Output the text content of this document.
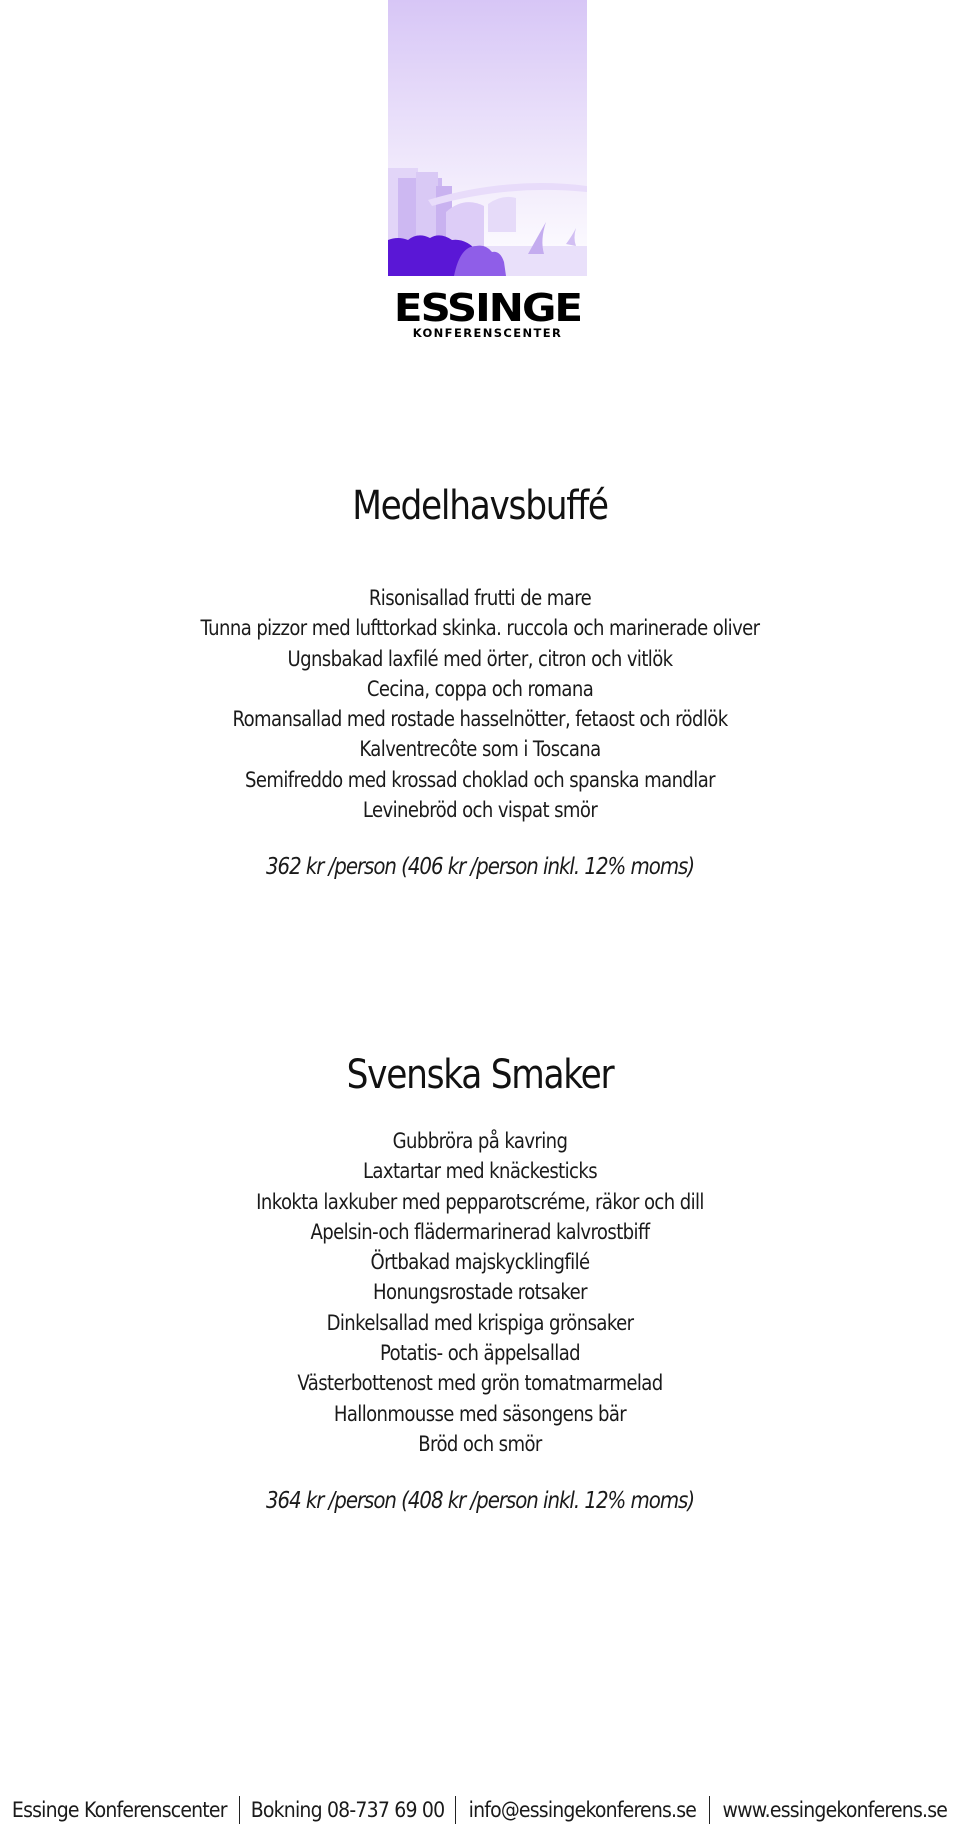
ESSINGE
KONFERENSCENTER
Medelhavsbuffé
Risonisallad frutti de mare
Tunna pizzor med lufttorkad skinka. ruccola och marinerade oliver
Ugnsbakad laxfilé med örter, citron och vitlök
Cecina, coppa och romana
Romansallad med rostade hasselnötter, fetaost och rödlök
Kalventrecôte som i Toscana
Semifreddo med krossad choklad och spanska mandlar
Levinebröd och vispat smör
362 kr /person (406 kr /person inkl. 12% moms)
Svenska Smaker
Gubbröra på kavring
Laxtartar med knäckesticks
Inkokta laxkuber med pepparotscréme, räkor och dill
Apelsin-och flädermarinerad kalvrostbiff
Örtbakad majskycklingfilé
Honungsrostade rotsaker
Dinkelsallad med krispiga grönsaker
Potatis- och äppelsallad
Västerbottenost med grön tomatmarmelad
Hallonmousse med säsongens bär
Bröd och smör
364 kr /person (408 kr /person inkl. 12% moms)
Essinge Konferenscenter Bokning 08-737 69 00 info@essingekonferens.se www.essingekonferens.se
